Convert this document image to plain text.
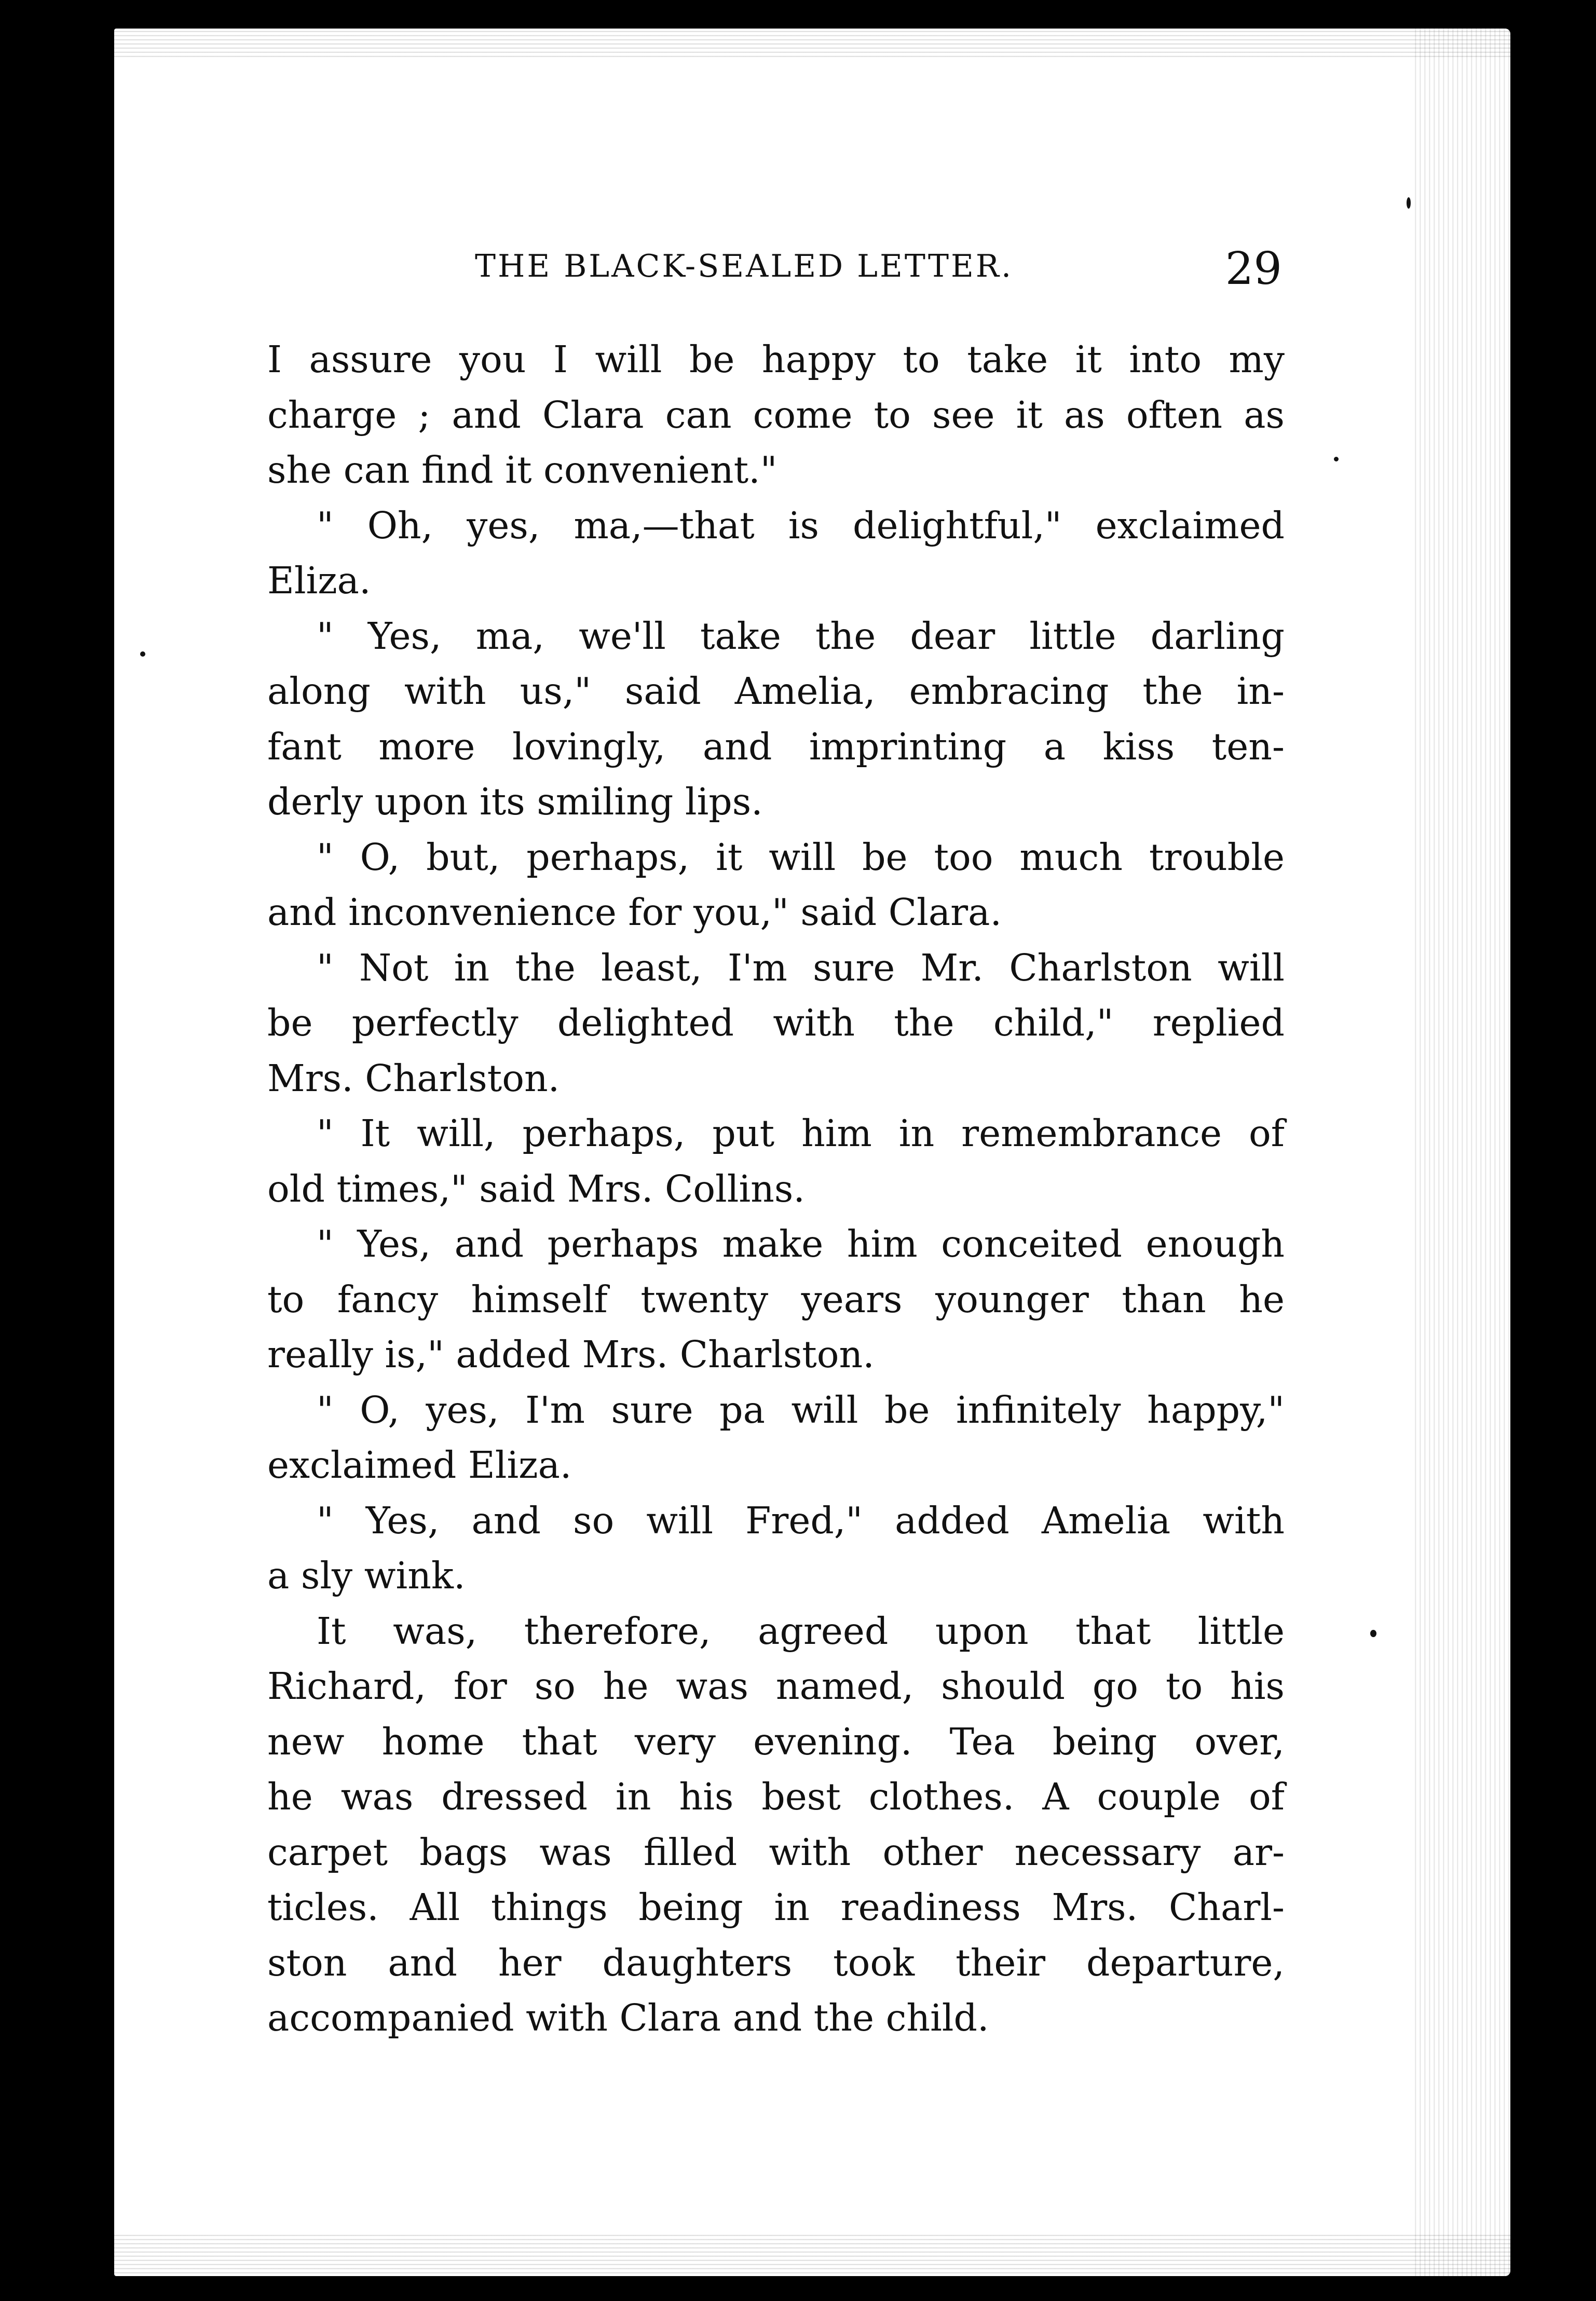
THE BLACK-SEALED LETTER.	29
I assure you I will be happy to take it into my
charge ; and Clara can come to see it as often as
she can find it convenient."
" Oh, yes, ma,—that is delightful," exclaimed
Eliza.
" Yes, ma, we'll take the dear little darling
along with us," said Amelia, embracing the in-
fant more lovingly, and imprinting a kiss ten-
derly upon its smiling lips.
" O, but, perhaps, it will be too much trouble
and inconvenience for you," said Clara.
" Not in the least, I'm sure Mr. Charlston will
be perfectly delighted with the child," replied
Mrs. Charlston.
" It will, perhaps, put him in remembrance of
old times," said Mrs. Collins.
" Yes, and perhaps make him conceited enough
to fancy himself twenty years younger than he
really is," added Mrs. Charlston.
" O, yes, I'm sure pa will be infinitely happy,"
exclaimed Eliza.
" Yes, and so will Fred," added Amelia with
a sly wink.
It was, therefore, agreed upon that little
Richard, for so he was named, should go to his
new home that very evening. Tea being over,
he was dressed in his best clothes. A couple of
carpet bags was filled with other necessary ar-
ticles. All things being in readiness Mrs. Charl-
ston and her daughters took their departure,
accompanied with Clara and the child.
